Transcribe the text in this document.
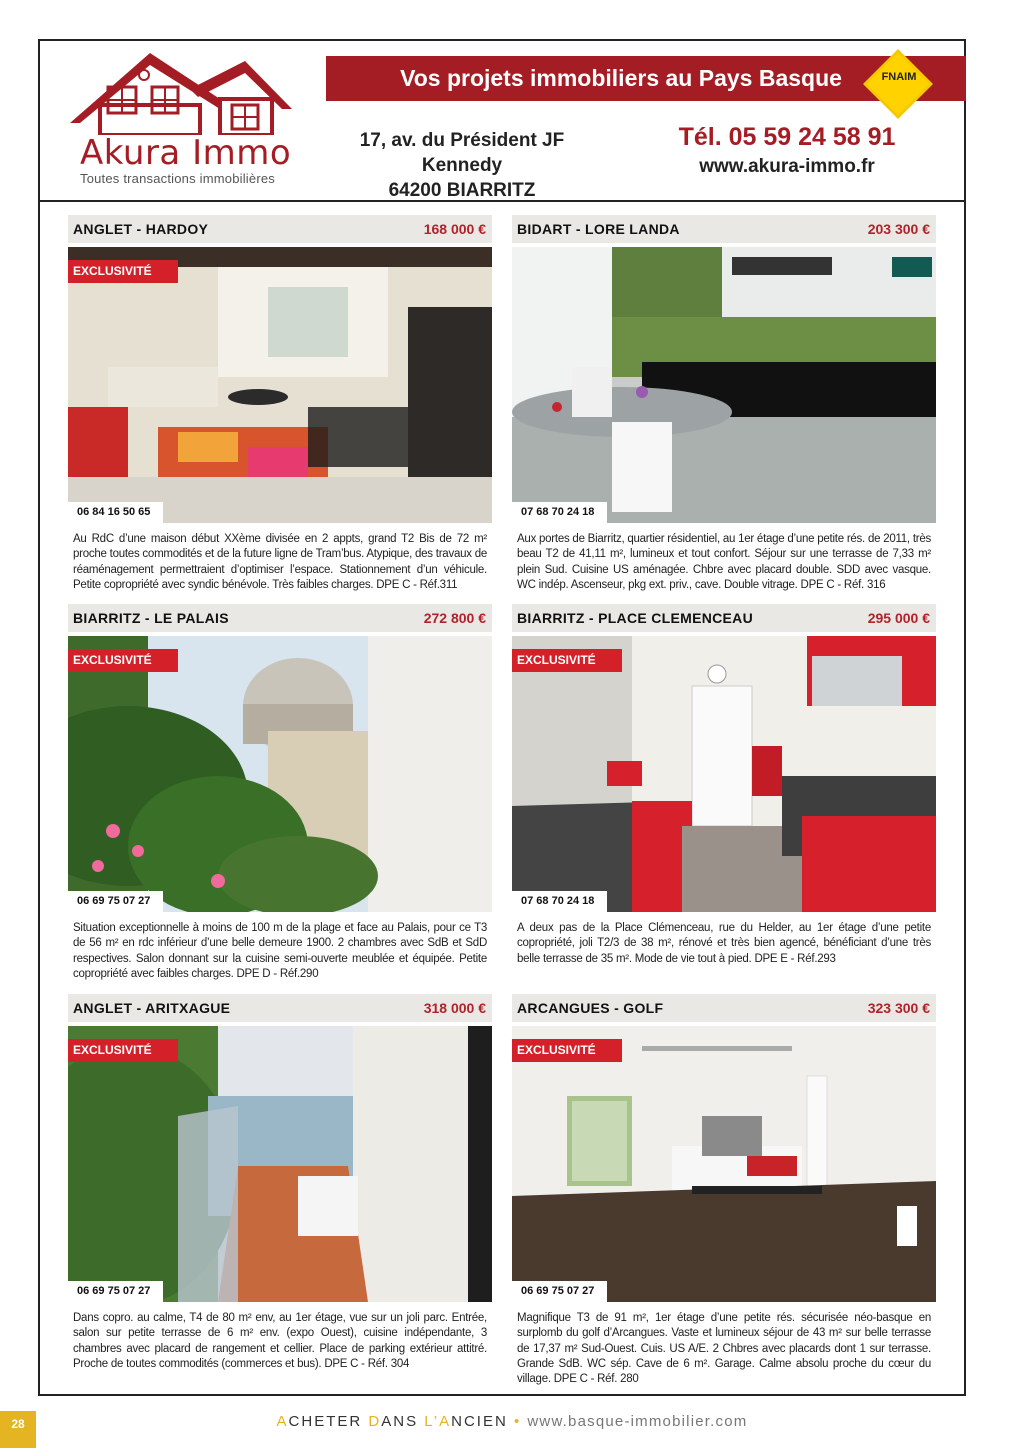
Akura Immo
Toutes transactions immobilières
Vos projets immobiliers au Pays Basque	FNAIM
17, av. du Président JF Kennedy
64200 BIARRITZ
Tél. 05 59 24 58 91
www.akura-immo.fr
ANGLET - HARDOY	168 000 €
EXCLUSIVITÉ
06 84 16 50 65
Au RdC d’une maison début XXème divisée en 2 appts, grand T2 Bis de 72 m² proche toutes commodités et de la future ligne de Tram’bus. Atypique, des travaux de réaménagement permettraient d’optimiser l’espace. Stationnement d’un véhicule. Petite copropriété avec syndic bénévole. Très faibles charges. DPE C - Réf.311
BIDART - LORE LANDA	203 300 €
07 68 70 24 18
Aux portes de Biarritz, quartier résidentiel, au 1er étage d’une petite rés. de 2011, très beau T2 de 41,11 m², lumineux et tout confort. Séjour sur une terrasse de 7,33 m² plein Sud. Cuisine US aménagée. Chbre avec placard double. SDD avec vasque. WC indép. Ascenseur, pkg ext. priv., cave. Double vitrage. DPE C - Réf. 316
BIARRITZ - LE PALAIS	272 800 €
EXCLUSIVITÉ
06 69 75 07 27
Situation exceptionnelle à moins de 100 m de la plage et face au Palais, pour ce T3 de 56 m² en rdc inférieur d’une belle demeure 1900. 2 chambres avec SdB et SdD respectives. Salon donnant sur la cuisine semi-ouverte meublée et équipée. Petite copropriété avec faibles charges. DPE D - Réf.290
BIARRITZ - PLACE CLEMENCEAU	295 000 €
EXCLUSIVITÉ
07 68 70 24 18
A deux pas de la Place Clémenceau, rue du Helder, au 1er étage d’une petite copropriété, joli T2/3 de 38 m², rénové et très bien agencé, bénéficiant d’une très belle terrasse de 35 m². Mode de vie tout à pied. DPE E - Réf.293
ANGLET - ARITXAGUE	318 000 €
EXCLUSIVITÉ
06 69 75 07 27
Dans copro. au calme, T4 de 80 m² env, au 1er étage, vue sur un joli parc. Entrée, salon sur petite terrasse de 6 m² env. (expo Ouest), cuisine indépendante, 3 chambres avec placard de rangement et cellier. Place de parking extérieur attitré. Proche de toutes commodités (commerces et bus). DPE C - Réf. 304
ARCANGUES - GOLF	323 300 €
EXCLUSIVITÉ
06 69 75 07 27
Magnifique T3 de 91 m², 1er étage d’une petite rés. sécurisée néo-basque en surplomb du golf d’Arcangues. Vaste et lumineux séjour de 43 m² sur belle terrasse de 17,37 m² Sud-Ouest. Cuis. US A/E. 2 Chbres avec placards dont 1 sur terrasse. Grande SdB. WC sép. Cave de 6 m². Garage. Calme absolu proche du cœur du village. DPE C - Réf. 280
28	ACHETER DANS L’ANCIEN • www.basque-immobilier.com
